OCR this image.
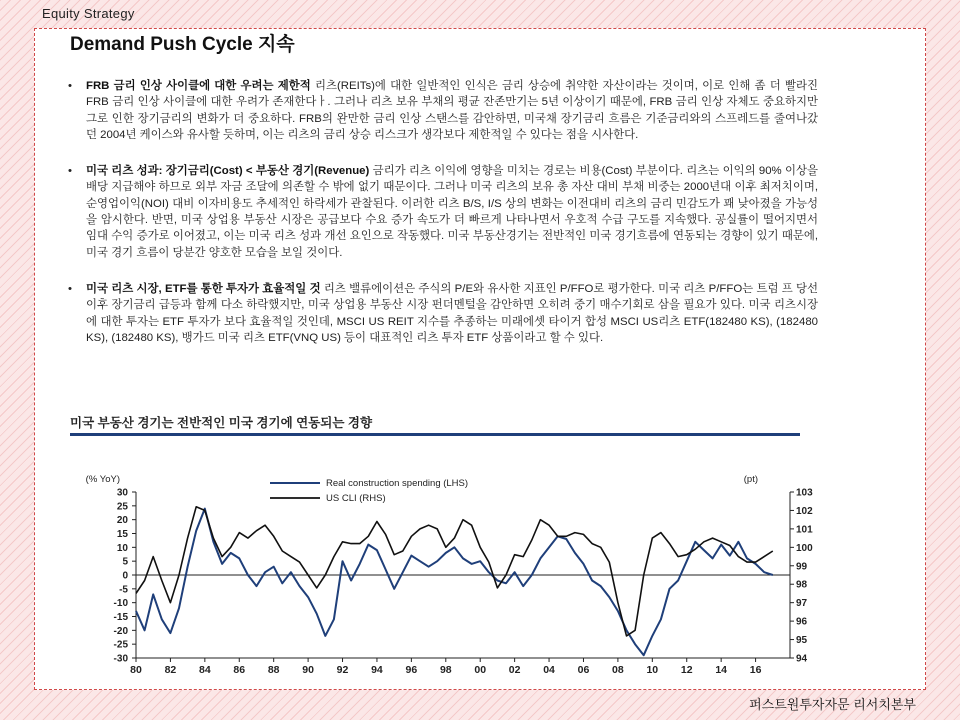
Equity Strategy
Demand Push Cycle 지속
• FRB 금리 인상 사이클에 대한 우려는 제한적 리츠(REITs)에 대한 일반적인 인식은 금리 상승에 취약한 자산이라는 것이며, 이로 인해 좀 더 빨라진 FRB 금리 인상 사이클에 대한 우려가 존재한다ㅏ. 그러나 리츠 보유 부채의 평균 잔존만기는 5년 이상이기 때문에, FRB 금리 인상 자체도 중요하지만 그로 인한 장기금리의 변화가 더 중요하다. FRB의 완만한 금리 인상 스탠스를 감안하면, 미국채 장기금리 흐름은 기준금리와의 스프레드를 줄여나갔던 2004년 케이스와 유사할 듯하며, 이는 리츠의 금리 상승 리스크가 생각보다 제한적일 수 있다는 점을 시사한다.
• 미국 리츠 성과: 장기금리(Cost) < 부동산 경기(Revenue) 금리가 리츠 이익에 영향을 미치는 경로는 비용(Cost) 부분이다. 리츠는 이익의 90% 이상을 배당 지급해야 하므로 외부 자금 조달에 의존할 수 밖에 없기 때문이다. 그러나 미국 리츠의 보유 총 자산 대비 부채 비중는 2000년대 이후 최저치이며, 순영업이익(NOI) 대비 이자비용도 추세적인 하락세가 관찰된다. 이러한 리츠 B/S, I/S 상의 변화는 이전대비 리츠의 금리 민감도가 꽤 낮아졌을 가능성을 암시한다. 반면, 미국 상업용 부동산 시장은 공급보다 수요 증가 속도가 더 빠르게 나타나면서 우호적 수급 구도를 지속했다. 공실률이 떨어지면서 임대 수익 증가로 이어졌고, 이는 미국 리츠 성과 개선 요인으로 작동했다. 미국 부동산경기는 전반적인 미국 경기흐름에 연동되는 경향이 있기 때문에, 미국 경기 흐름이 당분간 양호한 모습을 보일 것이다.
• 미국 리츠 시장, ETF를 통한 투자가 효율적일 것 리츠 밸류에이션은 주식의 P/E와 유사한 지표인 P/FFO로 평가한다. 미국 리츠 P/FFO는 트럼 프 당선 이후 장기금리 급등과 함께 다소 하락했지만, 미국 상업용 부동산 시장 펀더멘털을 감안하면 오히려 중기 매수기회로 삼을 필요가 있다. 미국 리츠시장에 대한 투자는 ETF 투자가 보다 효율적일 것인데, MSCI US REIT 지수를 추종하는 미래에셋 타이거 합성 MSCI US리츠 ETF(182480 KS), (182480 KS), (182480 KS), 뱅가드 미국 리츠 ETF(VNQ US) 등이 대표적인 리츠 투자 ETF 상품이라고 할 수 있다.
미국 부동산 경기는 전반적인 미국 경기에 연동되는 경향
(% YoY)	(pt)
Real construction spending (LHS)
US CLI (RHS)
-30
-25
-20
-15
-10
-5
0
5
10
15
20
25
30
94
95
96
97
98
99
100
101
102
103
80 82 84 86 88 90 92 94 96 98 00 02 04 06 08 10 12 14 16
퍼스트원투자자문 리서치본부
